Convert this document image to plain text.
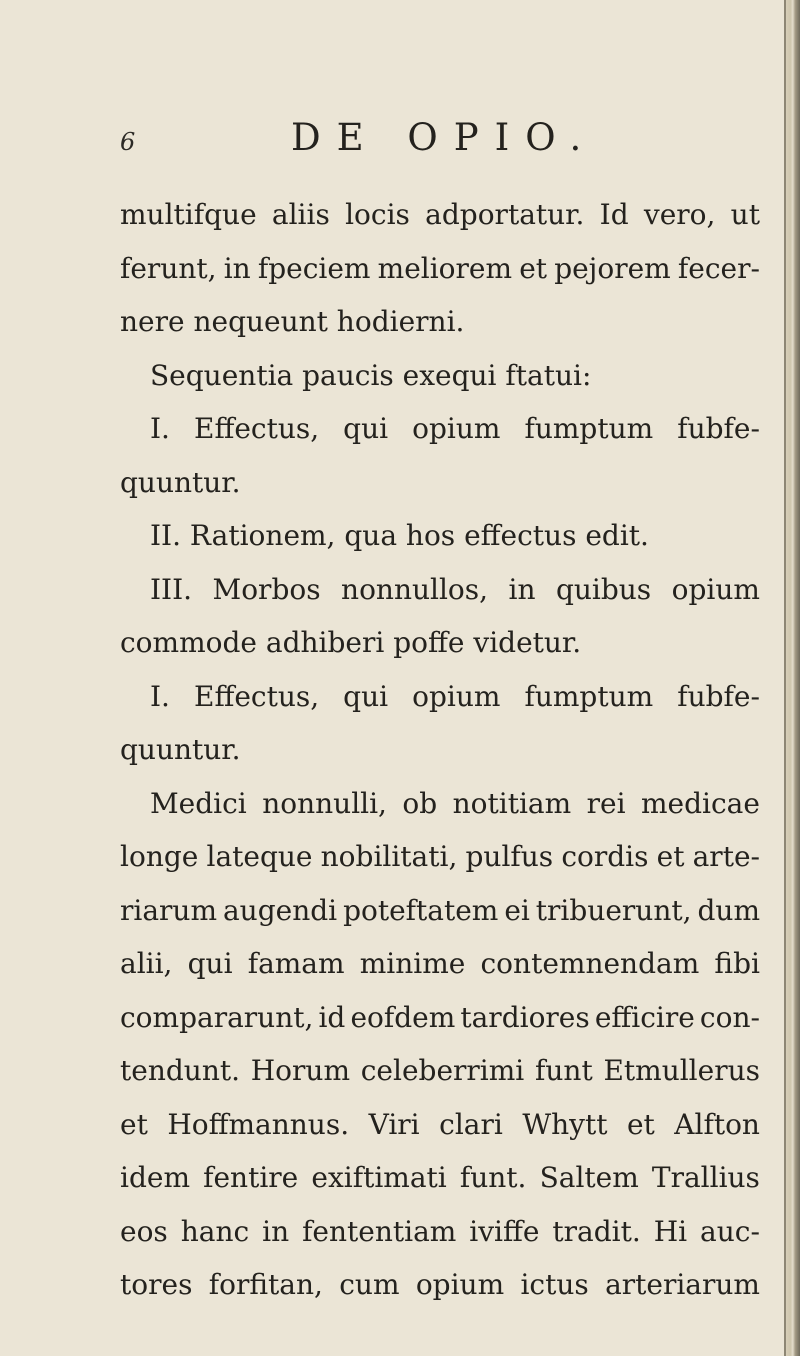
6	DE OPIO.
multifque aliis locis adportatur. Id vero, ut
ferunt, in fpeciem meliorem et pejorem fecer-
nere nequeunt hodierni.
Sequentia paucis exequi ftatui:
I. Effectus, qui opium fumptum fubfe-
quuntur.
II. Rationem, qua hos effectus edit.
III. Morbos nonnullos, in quibus opium
commode adhiberi poffe videtur.
I. Effectus, qui opium fumptum fubfe-
quuntur.
Medici nonnulli, ob notitiam rei medicae
longe lateque nobilitati, pulfus cordis et arte-
riarum augendi poteftatem ei tribuerunt, dum
alii, qui famam minime contemnendam fibi
compararunt, id eofdem tardiores efficire con-
tendunt. Horum celeberrimi funt Etmullerus
et Hoffmannus. Viri clari Whytt et Alfton
idem fentire exiftimati funt. Saltem Trallius
eos hanc in fententiam iviffe tradit. Hi auc-
tores forfitan, cum opium ictus arteriarum
